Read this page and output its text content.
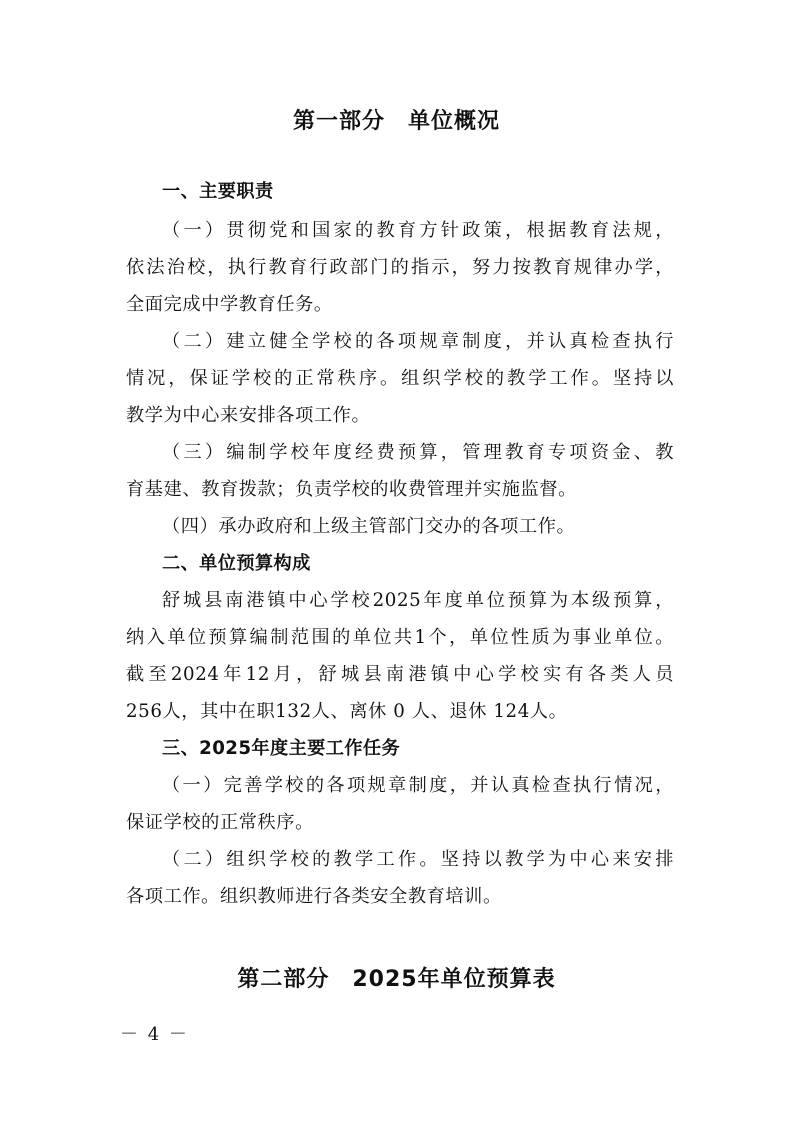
第一部分　单位概况
一、主要职责
（一）贯彻党和国家的教育方针政策，根据教育法规，
依法治校，执行教育行政部门的指示，努力按教育规律办学，
全面完成中学教育任务。
（二）建立健全学校的各项规章制度，并认真检查执行
情况，保证学校的正常秩序。组织学校的教学工作。坚持以
教学为中心来安排各项工作。
（三）编制学校年度经费预算，管理教育专项资金、教
育基建、教育拨款；负责学校的收费管理并实施监督。
（四）承办政府和上级主管部门交办的各项工作。
二、单位预算构成
舒城县南港镇中心学校2025年度单位预算为本级预算，
纳入单位预算编制范围的单位共1个，单位性质为事业单位。
截至2024年12月，舒城县南港镇中心学校实有各类人员
256人，其中在职132人、离休 0 人、退休 124人。
三、2025年度主要工作任务
（一）完善学校的各项规章制度，并认真检查执行情况，
保证学校的正常秩序。
（二）组织学校的教学工作。坚持以教学为中心来安排
各项工作。组织教师进行各类安全教育培训。
第二部分　2025年单位预算表
－ 4 －
